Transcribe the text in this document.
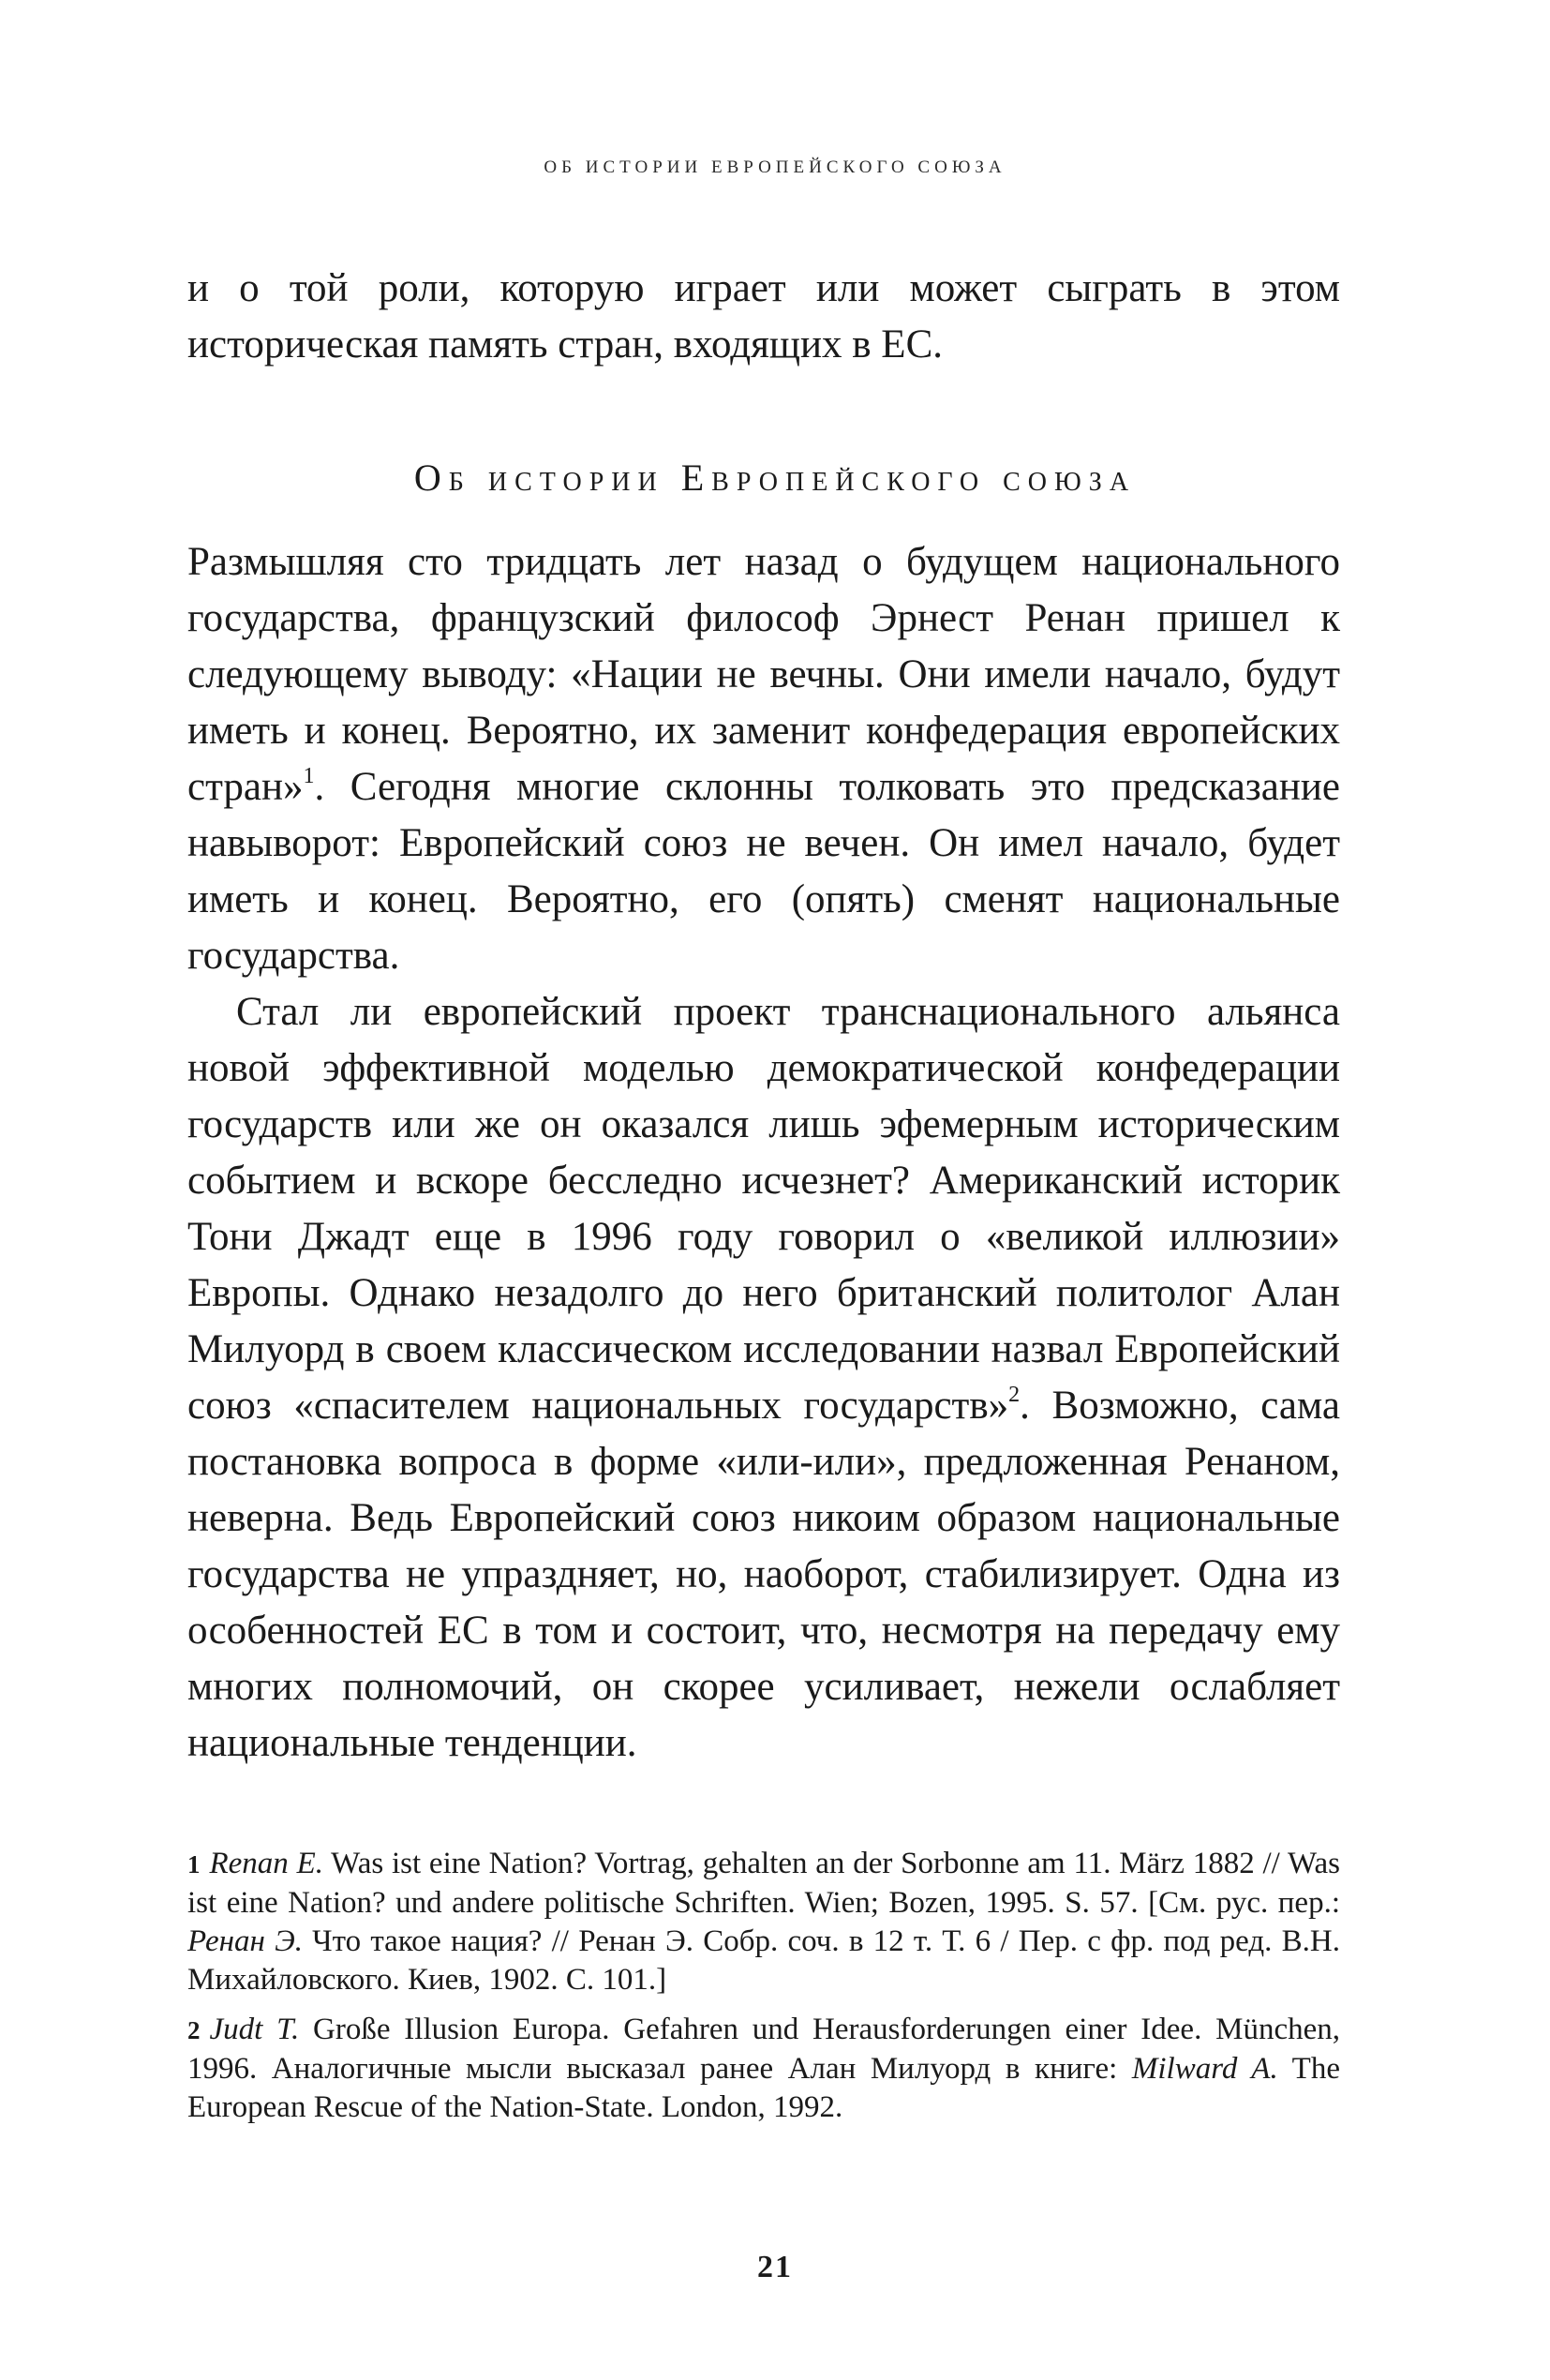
ОБ ИСТОРИИ ЕВРОПЕЙСКОГО СОЮЗА

и о той роли, которую играет или может сыграть в этом историческая память стран, входящих в ЕС.

Об истории Европейского союза

Размышляя сто тридцать лет назад о будущем национального государства, французский философ Эрнест Ренан пришел к следующему выводу: «Нации не вечны. Они имели начало, будут иметь и конец. Вероятно, их заменит конфедерация европейских стран»$^1$. Сегодня многие склонны толковать это предсказание навыворот: Европейский союз не вечен. Он имел начало, будет иметь и конец. Вероятно, его (опять) сменят национальные государства.

Стал ли европейский проект транснационального альянса новой эффективной моделью демократической конфедерации государств или же он оказался лишь эфемерным историческим событием и вскоре бесследно исчезнет? Американский историк Тони Джадт еще в 1996 году говорил о «великой иллюзии» Европы. Однако незадолго до него британский политолог Алан Милуорд в своем классическом исследовании назвал Европейский союз «спасителем национальных государств»$^2$. Возможно, сама постановка вопроса в форме «или-или», предложенная Ренаном, неверна. Ведь Европейский союз никоим образом национальные государства не упраздняет, но, наоборот, стабилизирует. Одна из особенностей ЕС в том и состоит, что, несмотря на передачу ему многих полномочий, он скорее усиливает, нежели ослабляет национальные тенденции.

1 Renan E. Was ist eine Nation? Vortrag, gehalten an der Sorbonne am 11. März 1882 // Was ist eine Nation? und andere politische Schriften. Wien; Bozen, 1995. S. 57. [См. рус. пер.: Ренан Э. Что такое нация? // Ренан Э. Собр. соч. в 12 т. Т. 6 / Пер. с фр. под ред. В.Н. Михайловского. Киев, 1902. С. 101.]

2 Judt T. Große Illusion Europa. Gefahren und Herausforderungen einer Idee. München, 1996. Аналогичные мысли высказал ранее Алан Милуорд в книге: Milward A. The European Rescue of the Nation-State. London, 1992.

21
